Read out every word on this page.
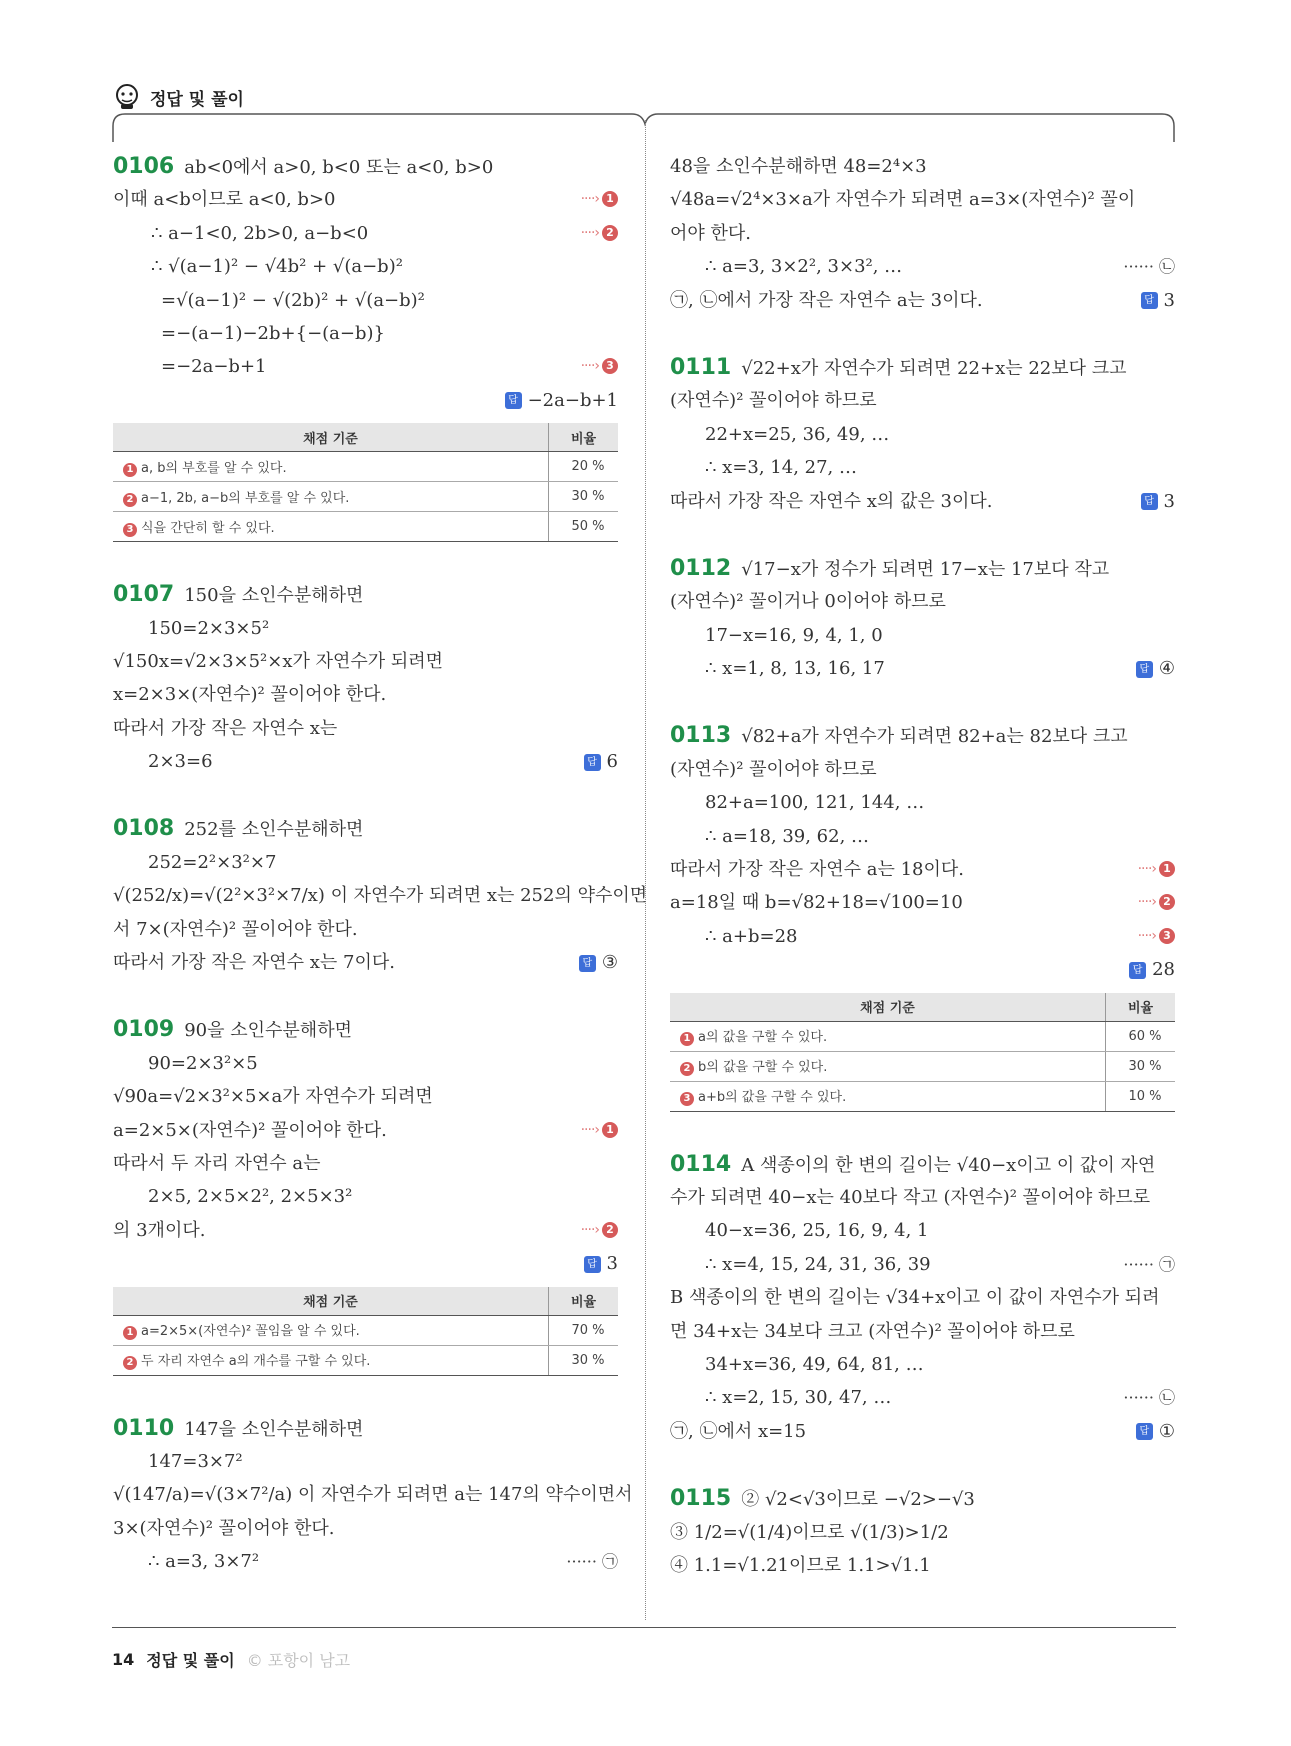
정답 및 풀이
0106 ab<0에서 a>0, b<0 또는 a<0, b>0
이때 a<b이므로 a<0, b>0	····› 1
∴ a−1<0, 2b>0, a−b<0	····› 2
∴ √(a−1)² − √4b² + √(a−b)²
=√(a−1)² − √(2b)² + √(a−b)²
=−(a−1)−2b+{−(a−b)}
=−2a−b+1	····› 3
답 −2a−b+1
채점 기준	비율
1 a, b의 부호를 알 수 있다.	20 %
2 a−1, 2b, a−b의 부호를 알 수 있다.	30 %
3 식을 간단히 할 수 있다.	50 %
0107 150을 소인수분해하면
150=2×3×5²
√150x=√2×3×5²×x가 자연수가 되려면
x=2×3×(자연수)² 꼴이어야 한다.
따라서 가장 작은 자연수 x는
2×3=6	답 6
0108 252를 소인수분해하면
252=2²×3²×7
√(252/x)=√(2²×3²×7/x) 이 자연수가 되려면 x는 252의 약수이면
서 7×(자연수)² 꼴이어야 한다.
따라서 가장 작은 자연수 x는 7이다.	답 ③
0109 90을 소인수분해하면
90=2×3²×5
√90a=√2×3²×5×a가 자연수가 되려면
a=2×5×(자연수)² 꼴이어야 한다.	····› 1
따라서 두 자리 자연수 a는
2×5, 2×5×2², 2×5×3²
의 3개이다.	····› 2
답 3
채점 기준	비율
1 a=2×5×(자연수)² 꼴임을 알 수 있다.	70 %
2 두 자리 자연수 a의 개수를 구할 수 있다.	30 %
0110 147을 소인수분해하면
147=3×7²
√(147/a)=√(3×7²/a) 이 자연수가 되려면 a는 147의 약수이면서
3×(자연수)² 꼴이어야 한다.
∴ a=3, 3×7²	······ ㉠
48을 소인수분해하면 48=2⁴×3
√48a=√2⁴×3×a가 자연수가 되려면 a=3×(자연수)² 꼴이
어야 한다.
∴ a=3, 3×2², 3×3², …	······ ㉡
㉠, ㉡에서 가장 작은 자연수 a는 3이다.	답 3
0111 √22+x가 자연수가 되려면 22+x는 22보다 크고
(자연수)² 꼴이어야 하므로
22+x=25, 36, 49, …
∴ x=3, 14, 27, …
따라서 가장 작은 자연수 x의 값은 3이다.	답 3
0112 √17−x가 정수가 되려면 17−x는 17보다 작고
(자연수)² 꼴이거나 0이어야 하므로
17−x=16, 9, 4, 1, 0
∴ x=1, 8, 13, 16, 17	답 ④
0113 √82+a가 자연수가 되려면 82+a는 82보다 크고
(자연수)² 꼴이어야 하므로
82+a=100, 121, 144, …
∴ a=18, 39, 62, …
따라서 가장 작은 자연수 a는 18이다.	····› 1
a=18일 때 b=√82+18=√100=10	····› 2
∴ a+b=28	····› 3
답 28
채점 기준	비율
1 a의 값을 구할 수 있다.	60 %
2 b의 값을 구할 수 있다.	30 %
3 a+b의 값을 구할 수 있다.	10 %
0114 A 색종이의 한 변의 길이는 √40−x이고 이 값이 자연
수가 되려면 40−x는 40보다 작고 (자연수)² 꼴이어야 하므로
40−x=36, 25, 16, 9, 4, 1
∴ x=4, 15, 24, 31, 36, 39	······ ㉠
B 색종이의 한 변의 길이는 √34+x이고 이 값이 자연수가 되려
면 34+x는 34보다 크고 (자연수)² 꼴이어야 하므로
34+x=36, 49, 64, 81, …
∴ x=2, 15, 30, 47, …	······ ㉡
㉠, ㉡에서 x=15	답 ①
0115 ② √2<√3이므로 −√2>−√3
③ 1/2=√(1/4)이므로 √(1/3)>1/2
④ 1.1=√1.21이므로 1.1>√1.1
14 정답 및 풀이 © 포항이 남고
